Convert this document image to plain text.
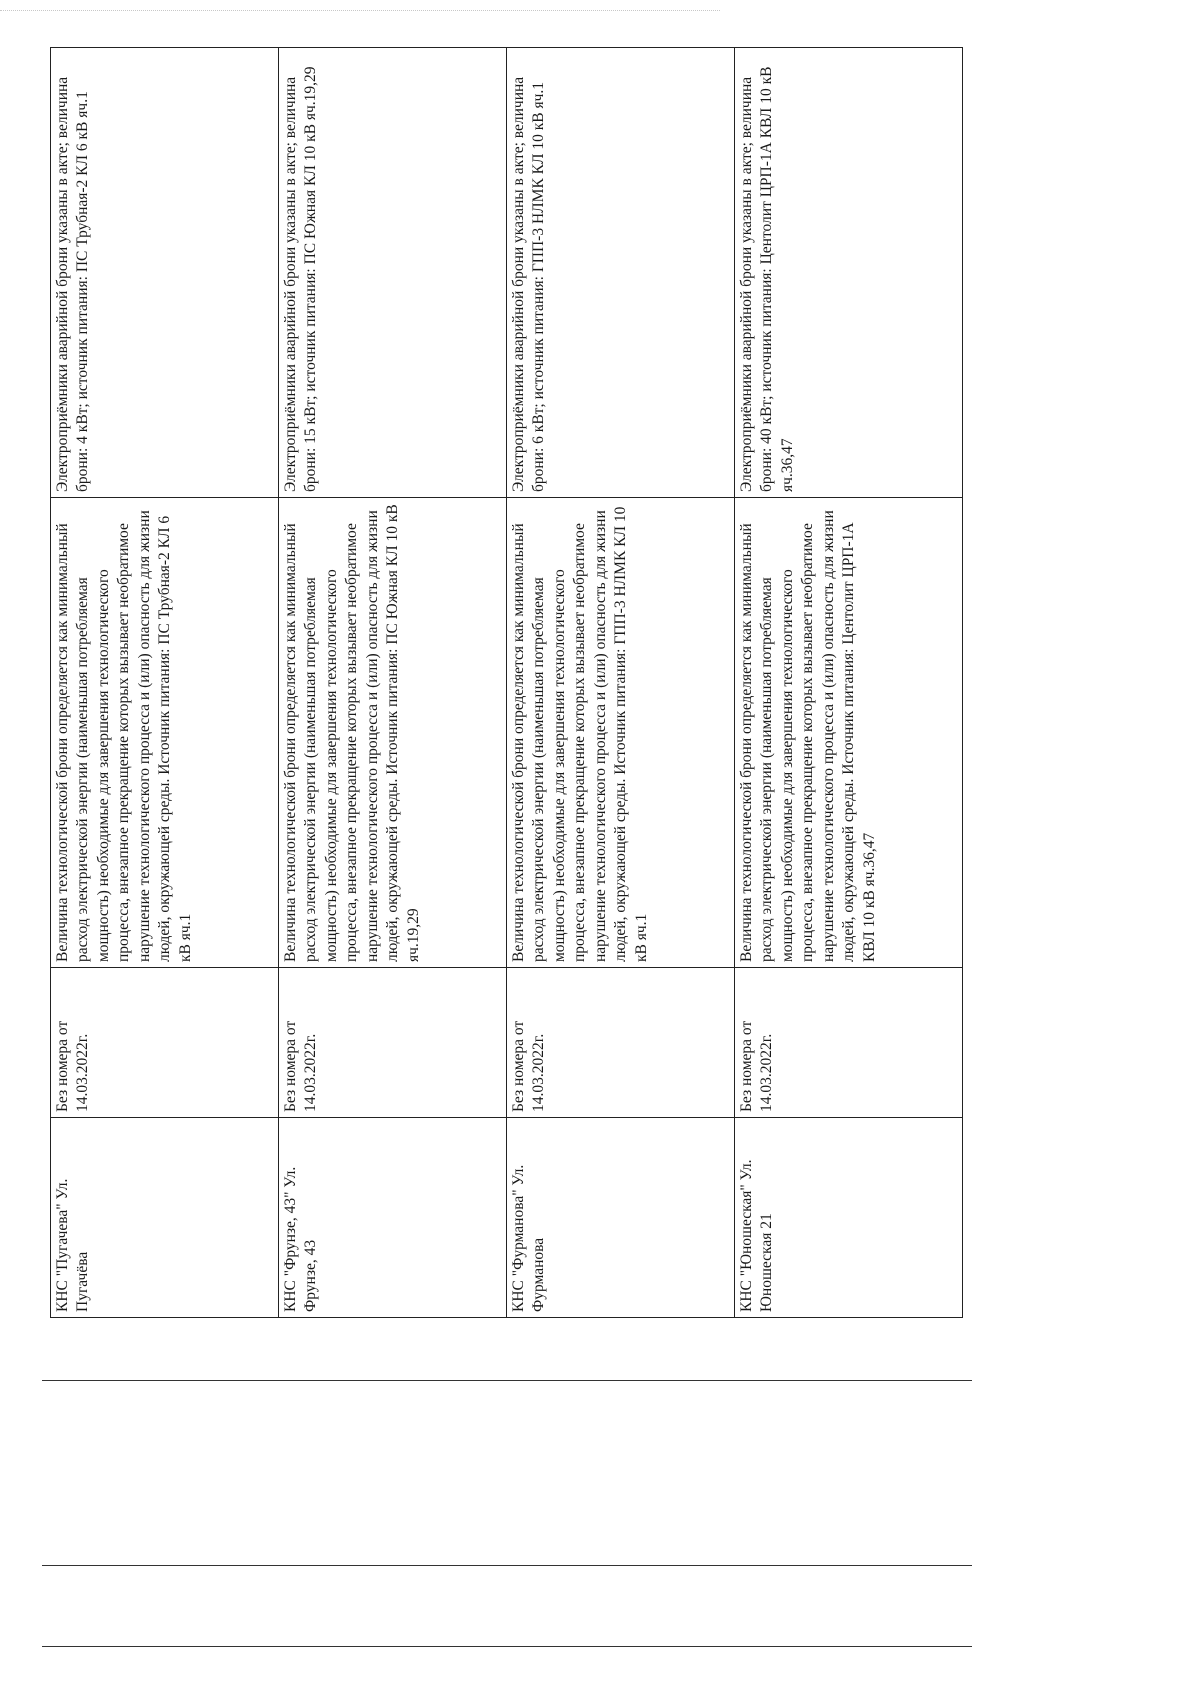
КНС "Пугачева" Ул. Пугачёва	Без номера от 14.03.2022г.	Величина технологической брони определяется как минимальный расход электрической энергии (наименьшая потребляемая мощность) необходимые для завершения технологического процесса, внезапное прекращение которых вызывает необратимое нарушение технологического процесса и (или) опасность для жизни людей, окружающей среды. Источник питания: ПС Трубная-2 КЛ 6 кВ яч.1	Электроприёмники аварийной брони указаны в акте; величина брони: 4 кВт; источник питания: ПС Трубная-2 КЛ 6 кВ яч.1
КНС "Фрунзе, 43" Ул. Фрунзе, 43	Без номера от 14.03.2022г.	Величина технологической брони определяется как минимальный расход электрической энергии (наименьшая потребляемая мощность) необходимые для завершения технологического процесса, внезапное прекращение которых вызывает необратимое нарушение технологического процесса и (или) опасность для жизни людей, окружающей среды. Источник питания: ПС Южная КЛ 10 кВ яч.19,29	Электроприёмники аварийной брони указаны в акте; величина брони: 15 кВт; источник питания: ПС Южная КЛ 10 кВ яч.19,29
КНС "Фурманова" Ул. Фурманова	Без номера от 14.03.2022г.	Величина технологической брони определяется как минимальный расход электрической энергии (наименьшая потребляемая мощность) необходимые для завершения технологического процесса, внезапное прекращение которых вызывает необратимое нарушение технологического процесса и (или) опасность для жизни людей, окружающей среды. Источник питания: ГПП-3 НЛМК КЛ 10 кВ яч.1	Электроприёмники аварийной брони указаны в акте; величина брони: 6 кВт; источник питания: ГПП-3 НЛМК КЛ 10 кВ яч.1
КНС "Юношеская" Ул. Юношеская 21	Без номера от 14.03.2022г.	Величина технологической брони определяется как минимальный расход электрической энергии (наименьшая потребляемая мощность) необходимые для завершения технологического процесса, внезапное прекращение которых вызывает необратимое нарушение технологического процесса и (или) опасность для жизни людей, окружающей среды. Источник питания: Центолит ЦРП-1А КВЛ 10 кВ яч.36,47	Электроприёмники аварийной брони указаны в акте; величина брони: 40 кВт; источник питания: Центолит ЦРП-1А КВЛ 10 кВ яч.36,47
